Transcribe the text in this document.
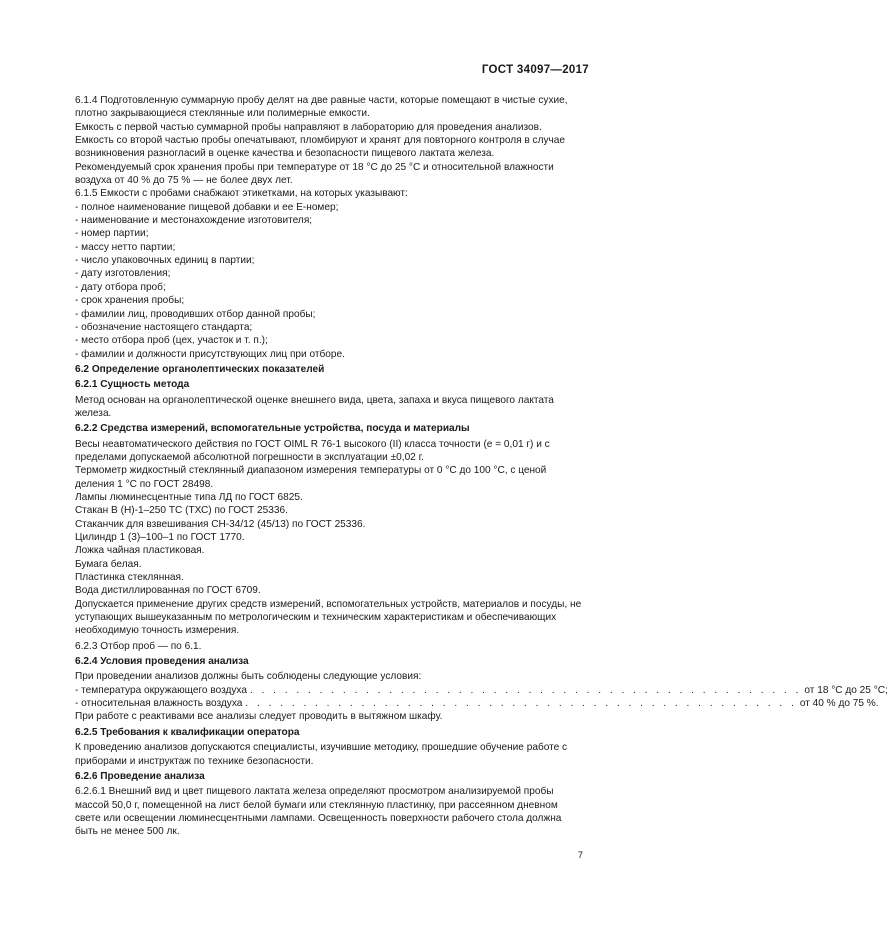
ГОСТ 34097—2017

6.1.4 Подготовленную суммарную пробу делят на две равные части, которые помещают в чистые сухие, плотно закрывающиеся стеклянные или полимерные емкости.

Емкость с первой частью суммарной пробы направляют в лабораторию для проведения анализов.

Емкость со второй частью пробы опечатывают, пломбируют и хранят для повторного контроля в случае возникновения разногласий в оценке качества и безопасности пищевого лактата железа.

Рекомендуемый срок хранения пробы при температуре от 18 °С до 25 °С и относительной влажности воздуха от 40 % до 75 % — не более двух лет.

6.1.5 Емкости с пробами снабжают этикетками, на которых указывают:

- полное наименование пищевой добавки и ее Е-номер;

- наименование и местонахождение изготовителя;

- номер партии;

- массу нетто партии;

- число упаковочных единиц в партии;

- дату изготовления;

- дату отбора проб;

- срок хранения пробы;

- фамилии лиц, проводивших отбор данной пробы;

- обозначение настоящего стандарта;

- место отбора проб (цех, участок и т. п.);

- фамилии и должности присутствующих лиц при отборе.

6.2 Определение органолептических показателей

6.2.1 Сущность метода

Метод основан на органолептической оценке внешнего вида, цвета, запаха и вкуса пищевого лактата железа.

6.2.2 Средства измерений, вспомогательные устройства, посуда и материалы

Весы неавтоматического действия по ГОСТ OIML R 76-1 высокого (II) класса точности (e = 0,01 г) и с пределами допускаемой абсолютной погрешности в эксплуатации ±0,02 г.

Термометр жидкостный стеклянный диапазоном измерения температуры от 0 °С до 100 °С, с ценой деления 1 °С по ГОСТ 28498.

Лампы люминесцентные типа ЛД по ГОСТ 6825.

Стакан В (Н)-1–250 ТС (ТХС) по ГОСТ 25336.

Стаканчик для взвешивания СН-34/12 (45/13) по ГОСТ 25336.

Цилиндр 1 (3)–100–1 по ГОСТ 1770.

Ложка чайная пластиковая.

Бумага белая.

Пластинка стеклянная.

Вода дистиллированная по ГОСТ 6709.

Допускается применение других средств измерений, вспомогательных устройств, материалов и посуды, не уступающих вышеуказанным по метрологическим и техническим характеристикам и обеспечивающих необходимую точность измерения.

6.2.3 Отбор проб — по 6.1.

6.2.4 Условия проведения анализа

При проведении анализов должны быть соблюдены следующие условия:

- температура окружающего воздуха . . . . . . . . . . . . . . . . . . . . . . . . . . . . . . . . . . . . . . . . . . . . . . . . от 18 °С до 25 °С;
- относительная влажность воздуха . . . . . . . . . . . . . . . . . . . . . . . . . . . . . . . . . . . . . . . . . . . . . . . . от 40 % до 75 %.

При работе с реактивами все анализы следует проводить в вытяжном шкафу.

6.2.5 Требования к квалификации оператора

К проведению анализов допускаются специалисты, изучившие методику, прошедшие обучение работе с приборами и инструктаж по технике безопасности.

6.2.6 Проведение анализа

6.2.6.1 Внешний вид и цвет пищевого лактата железа определяют просмотром анализируемой пробы массой 50,0 г, помещенной на лист белой бумаги или стеклянную пластинку, при рассеянном дневном свете или освещении люминесцентными лампами. Освещенность поверхности рабочего стола должна быть не менее 500 лк.

7
